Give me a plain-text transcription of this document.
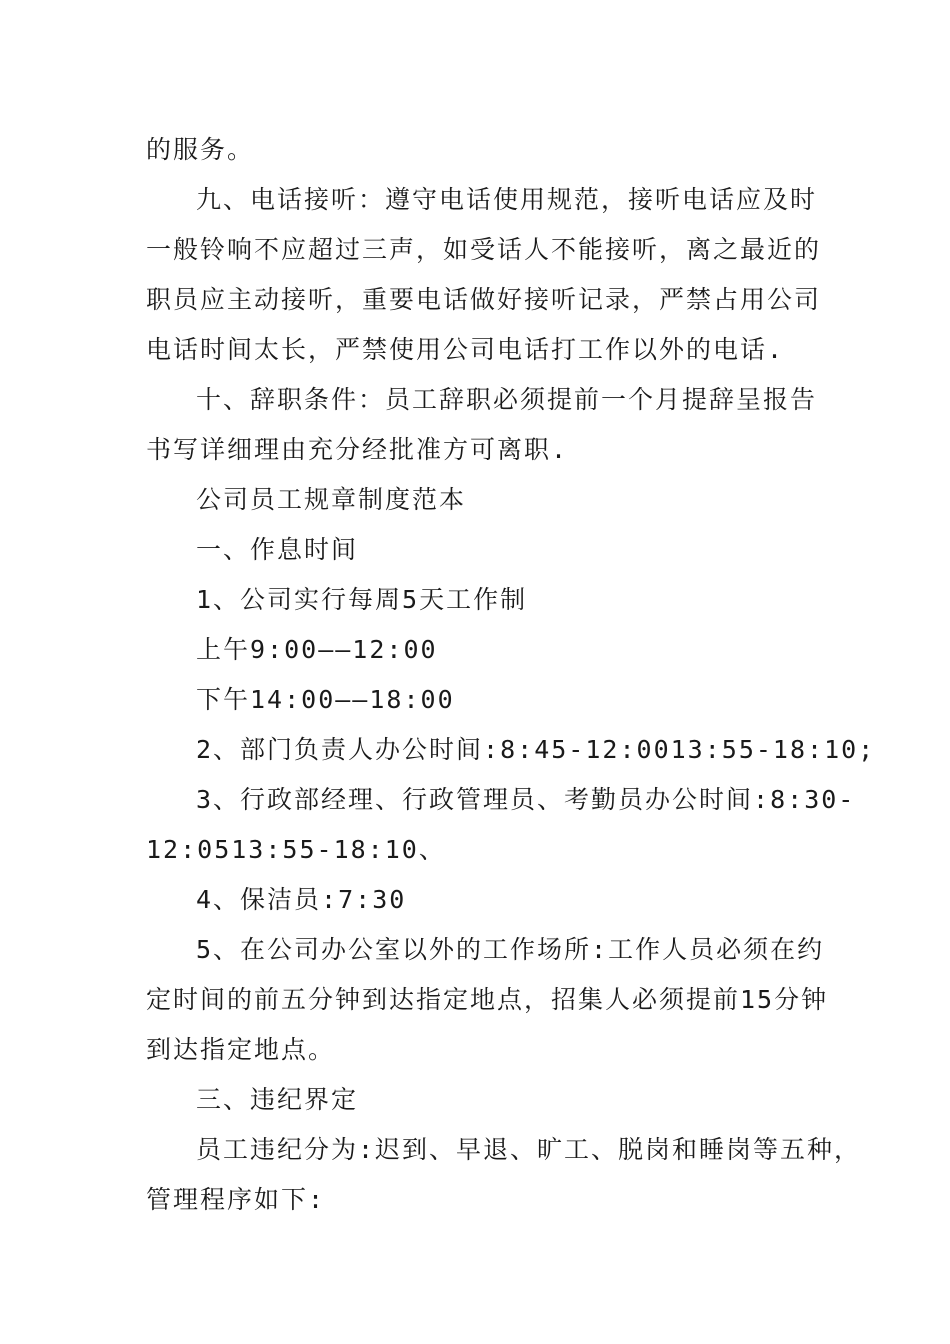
的服务。
九、电话接听：遵守电话使用规范，接听电话应及时
一般铃响不应超过三声，如受话人不能接听，离之最近的
职员应主动接听，重要电话做好接听记录，严禁占用公司
电话时间太长，严禁使用公司电话打工作以外的电话.
十、辞职条件：员工辞职必须提前一个月提辞呈报告
书写详细理由充分经批准方可离职.
公司员工规章制度范本
一、作息时间
1、公司实行每周5天工作制
上午9:00——12:00
下午14:00——18:00
2、部门负责人办公时间:8:45-12:0013:55-18:10;
3、行政部经理、行政管理员、考勤员办公时间:8:30-
12:0513:55-18:10、
4、保洁员:7:30
5、在公司办公室以外的工作场所:工作人员必须在约
定时间的前五分钟到达指定地点，招集人必须提前15分钟
到达指定地点。
三、违纪界定
员工违纪分为:迟到、早退、旷工、脱岗和睡岗等五种，
管理程序如下:
